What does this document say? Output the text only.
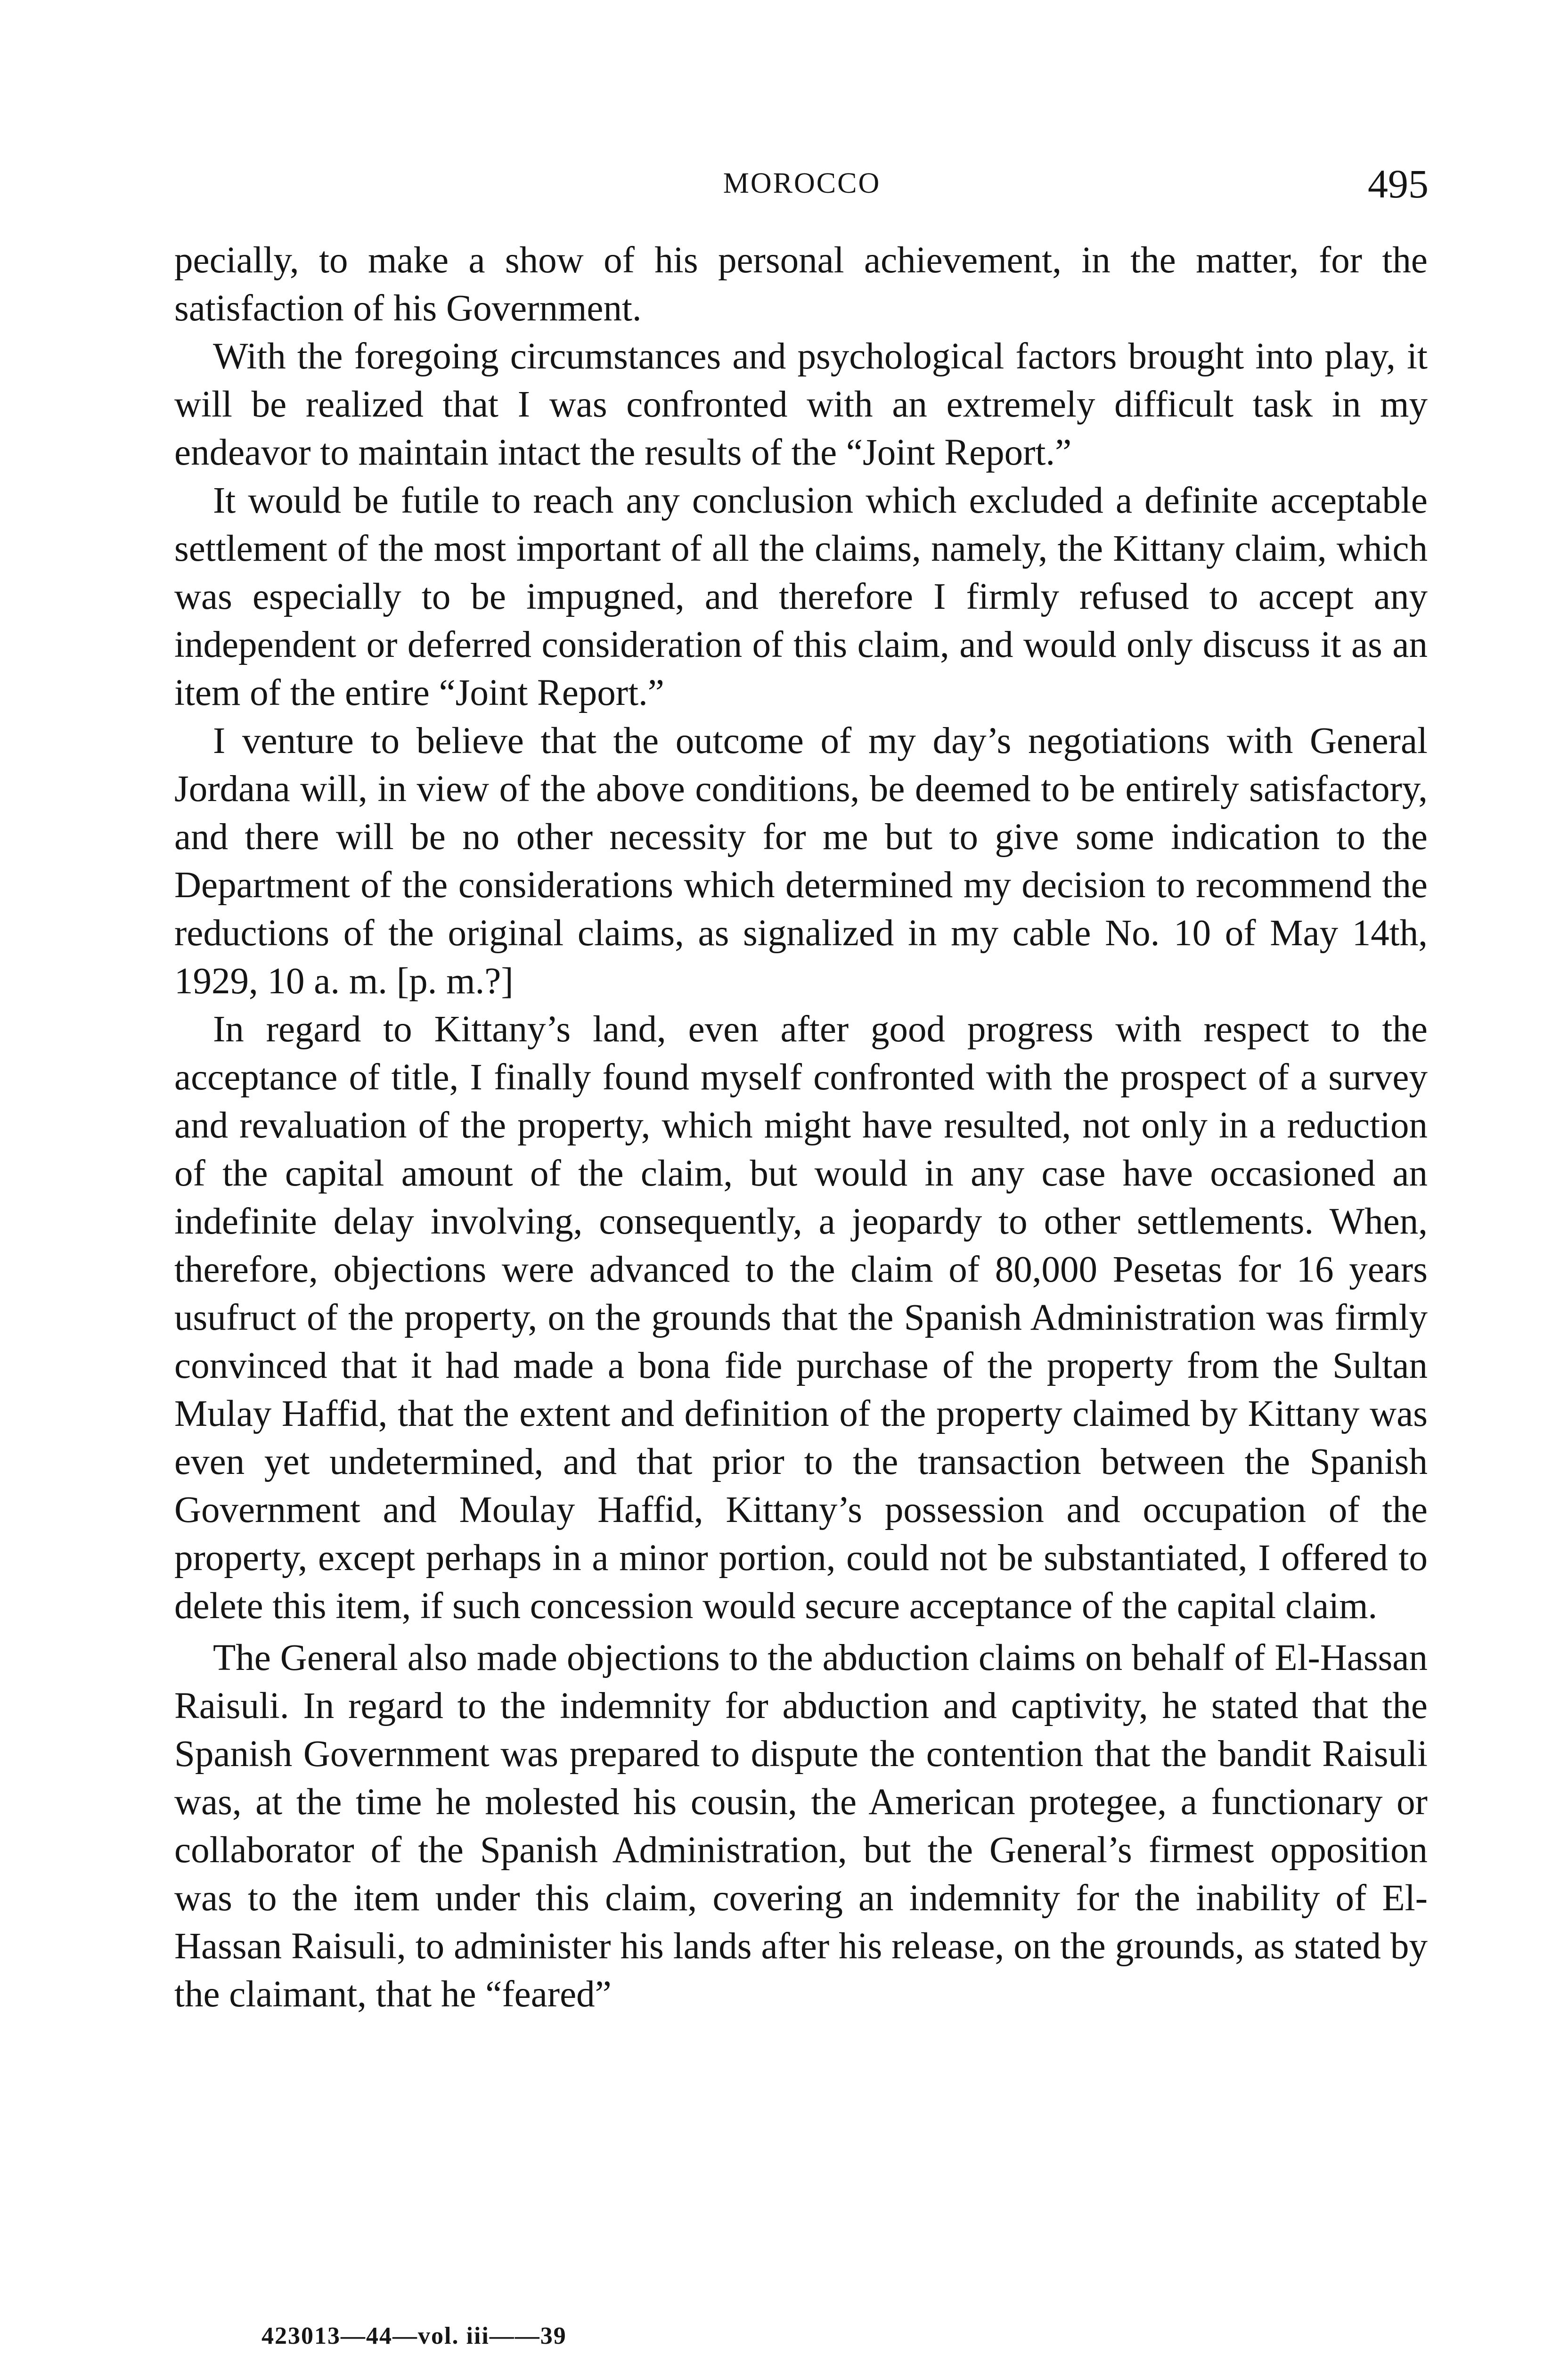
MOROCCO	495

pecially, to make a show of his personal achievement, in the matter, for the satisfaction of his Government.

With the foregoing circumstances and psychological factors brought into play, it will be realized that I was confronted with an extremely difficult task in my endeavor to maintain intact the results of the “Joint Report.”

It would be futile to reach any conclusion which excluded a definite acceptable settlement of the most important of all the claims, namely, the Kittany claim, which was especially to be impugned, and therefore I firmly refused to accept any independent or deferred consideration of this claim, and would only discuss it as an item of the entire “Joint Report.”

I venture to believe that the outcome of my day’s negotiations with General Jordana will, in view of the above conditions, be deemed to be entirely satisfactory, and there will be no other necessity for me but to give some indication to the Department of the considerations which determined my decision to recommend the reductions of the original claims, as signalized in my cable No. 10 of May 14th, 1929, 10 a. m. [p. m.?]

In regard to Kittany’s land, even after good progress with respect to the acceptance of title, I finally found myself confronted with the prospect of a survey and revaluation of the property, which might have resulted, not only in a reduction of the capital amount of the claim, but would in any case have occasioned an indefinite delay involving, consequently, a jeopardy to other settlements. When, therefore, objections were advanced to the claim of 80,000 Pesetas for 16 years usufruct of the property, on the grounds that the Spanish Administration was firmly convinced that it had made a bona fide purchase of the property from the Sultan Mulay Haffid, that the extent and definition of the property claimed by Kittany was even yet undetermined, and that prior to the transaction between the Spanish Government and Moulay Haffid, Kittany’s possession and occupation of the property, except perhaps in a minor portion, could not be substantiated, I offered to delete this item, if such concession would secure acceptance of the capital claim.

The General also made objections to the abduction claims on behalf of El-Hassan Raisuli. In regard to the indemnity for abduction and captivity, he stated that the Spanish Government was prepared to dispute the contention that the bandit Raisuli was, at the time he molested his cousin, the American protegee, a functionary or collaborator of the Spanish Administration, but the General’s firmest opposition was to the item under this claim, covering an indemnity for the inability of El-Hassan Raisuli, to administer his lands after his release, on the grounds, as stated by the claimant, that he “feared”

423013—44—vol. iii——39
